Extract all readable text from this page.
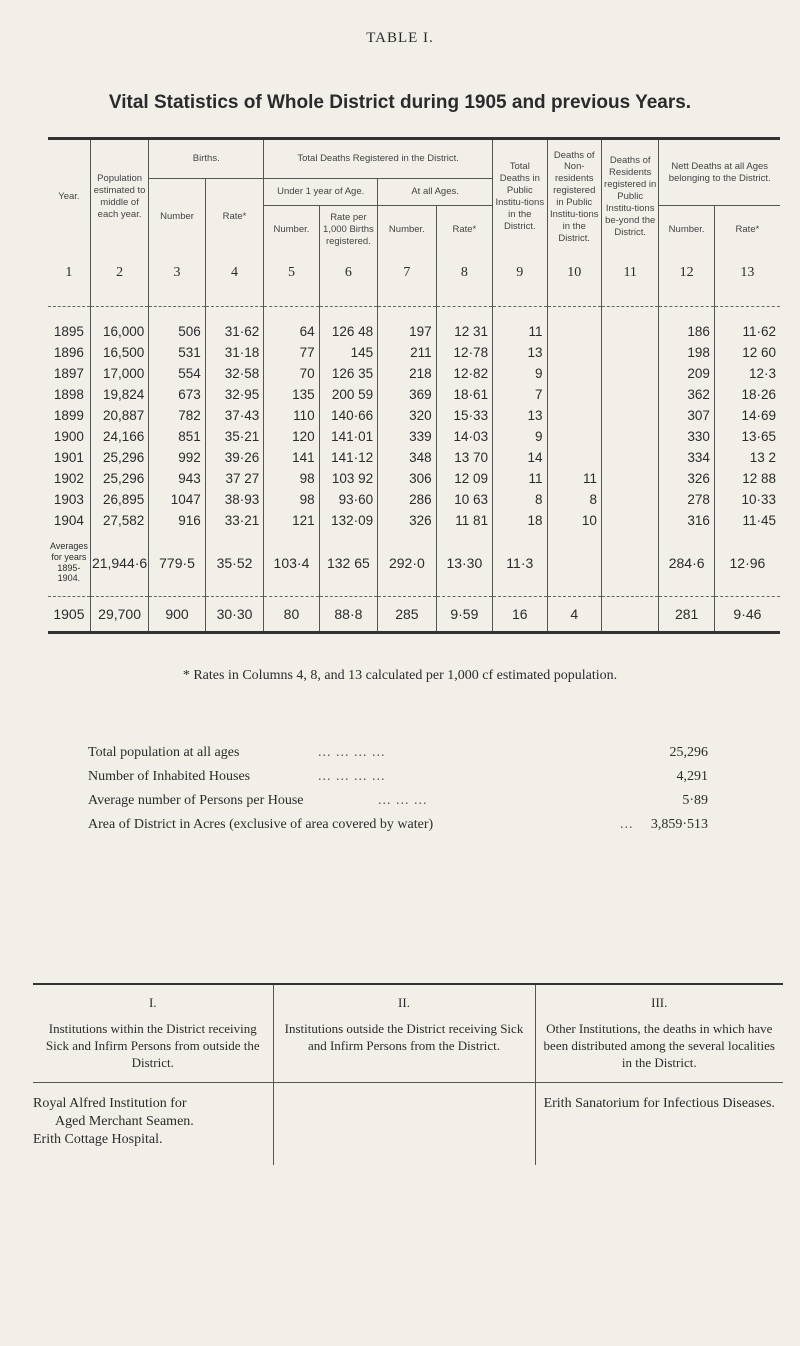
TABLE I.
Vital Statistics of Whole District during 1905 and previous Years.
Year.	Population estimated to middle of each year.	Births.		Total Deaths Registered in the District.				Total Deaths in Public Institu-tions in the District.	Deaths of Non-residents registered in Public Institu-tions in the District.	Deaths of Residents registered in Public Institu-tions be-yond the District.	Nett Deaths at all Ages belonging to the District.	
		Number	Rate*	Under 1 year of Age.		At all Ages.						
				Number.	Rate per 1,000 Births registered.	Number.	Rate*				Number.	Rate*
1	2	3	4	5	6	7	8	9	10	11	12	13

1895	16,000	506	31·62	64	126 48	197	12 31	11			186	11·62
1896	16,500	531	31·18	77	145	211	12·78	13			198	12 60
1897	17,000	554	32·58	70	126 35	218	12·82	9			209	12·3
1898	19,824	673	32·95	135	200 59	369	18·61	7			362	18·26
1899	20,887	782	37·43	110	140·66	320	15·33	13			307	14·69
1900	24,166	851	35·21	120	141·01	339	14·03	9			330	13·65
1901	25,296	992	39·26	141	141·12	348	13 70	14			334	13 2
1902	25,296	943	37 27	98	103 92	306	12 09	11	11		326	12 88
1903	26,895	1047	38·93	98	93·60	286	10 63	8	8		278	10·33
1904	27,582	916	33·21	121	132·09	326	11 81	18	10		316	11·45

Averages for years 1895-1904.	21,944·6	779·5	35·52	103·4	132 65	292·0	13·30	11·3			284·6	12·96

1905	29,700	900	30·30	80	88·8	285	9·59	16	4		281	9·46
* Rates in Columns 4, 8, and 13 calculated per 1,000 cf estimated population.
Total population at all ages	... ... ... ...	25,296
Number of Inhabited Houses	... ... ... ...	4,291
Average number of Persons per House	... ... ...	5·89
Area of District in Acres (exclusive of area covered by water)	... 3,859·513
I.	II.	III.
Institutions within the District receiving Sick and Infirm Persons from outside the District.	Institutions outside the District receiving Sick and Infirm Persons from the District.	Other Institutions, the deaths in which have been distributed among the several localities in the District.

Royal Alfred Institution for
Aged Merchant Seamen.
Erith Cottage Hospital.		Erith Sanatorium for Infectious Diseases.
